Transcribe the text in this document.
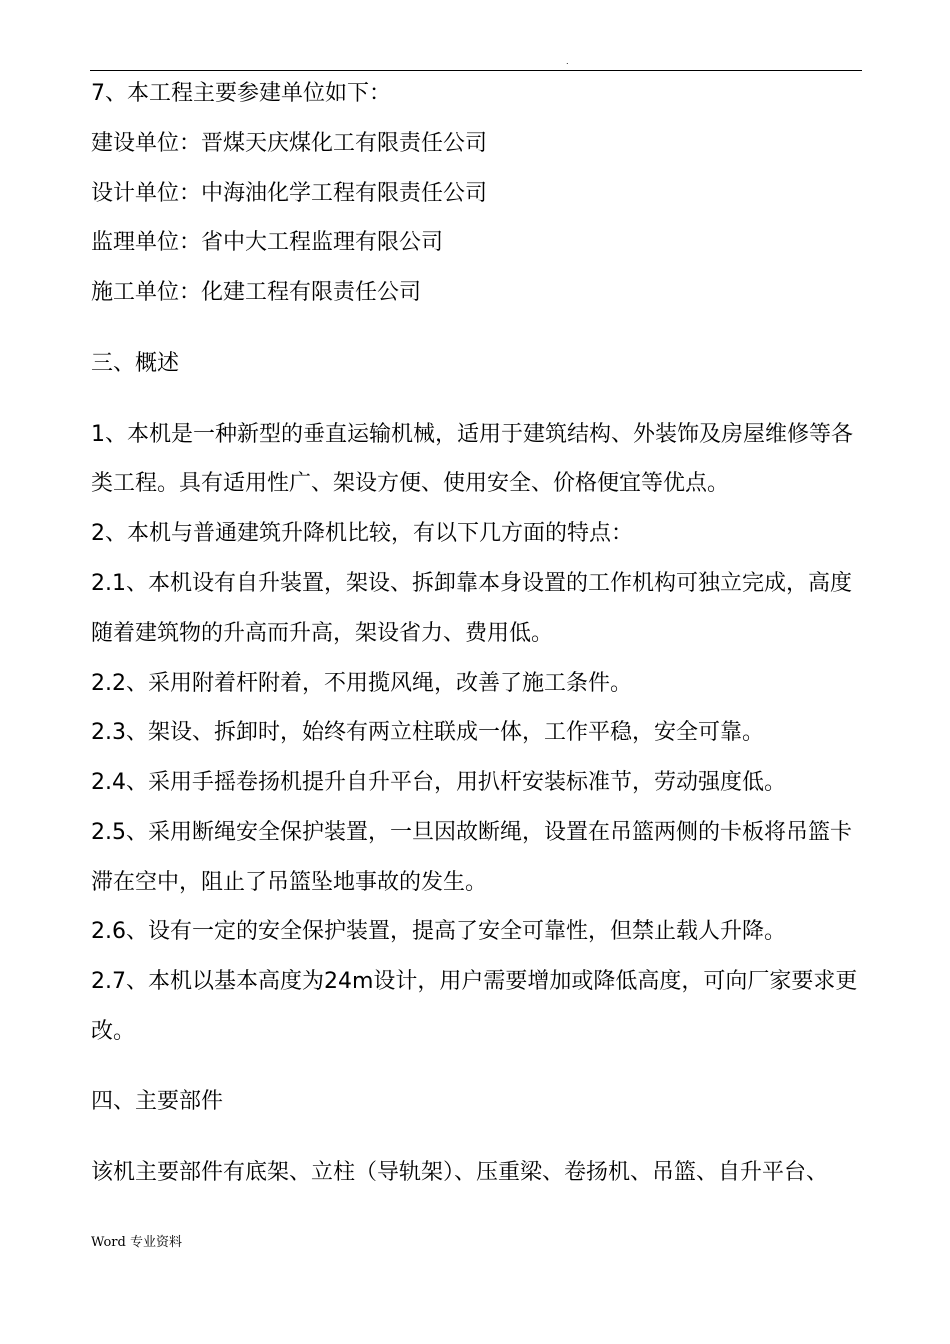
.
7、本工程主要参建单位如下：
建设单位：晋煤天庆煤化工有限责任公司
设计单位：中海油化学工程有限责任公司
监理单位：省中大工程监理有限公司
施工单位：化建工程有限责任公司
三、概述
1、本机是一种新型的垂直运输机械，适用于建筑结构、外装饰及房屋维修等各
类工程。具有适用性广、架设方便、使用安全、价格便宜等优点。
2、本机与普通建筑升降机比较，有以下几方面的特点：
2.1、本机设有自升装置，架设、拆卸靠本身设置的工作机构可独立完成，高度
随着建筑物的升高而升高，架设省力、费用低。
2.2、采用附着杆附着，不用揽风绳，改善了施工条件。
2.3、架设、拆卸时，始终有两立柱联成一体，工作平稳，安全可靠。
2.4、采用手摇卷扬机提升自升平台，用扒杆安装标准节，劳动强度低。
2.5、采用断绳安全保护装置，一旦因故断绳，设置在吊篮两侧的卡板将吊篮卡
滞在空中，阻止了吊篮坠地事故的发生。
2.6、设有一定的安全保护装置，提高了安全可靠性，但禁止载人升降。
2.7、本机以基本高度为24m设计，用户需要增加或降低高度，可向厂家要求更
改。
四、主要部件
该机主要部件有底架、立柱（导轨架）、压重梁、卷扬机、吊篮、自升平台、
Word 专业资料
